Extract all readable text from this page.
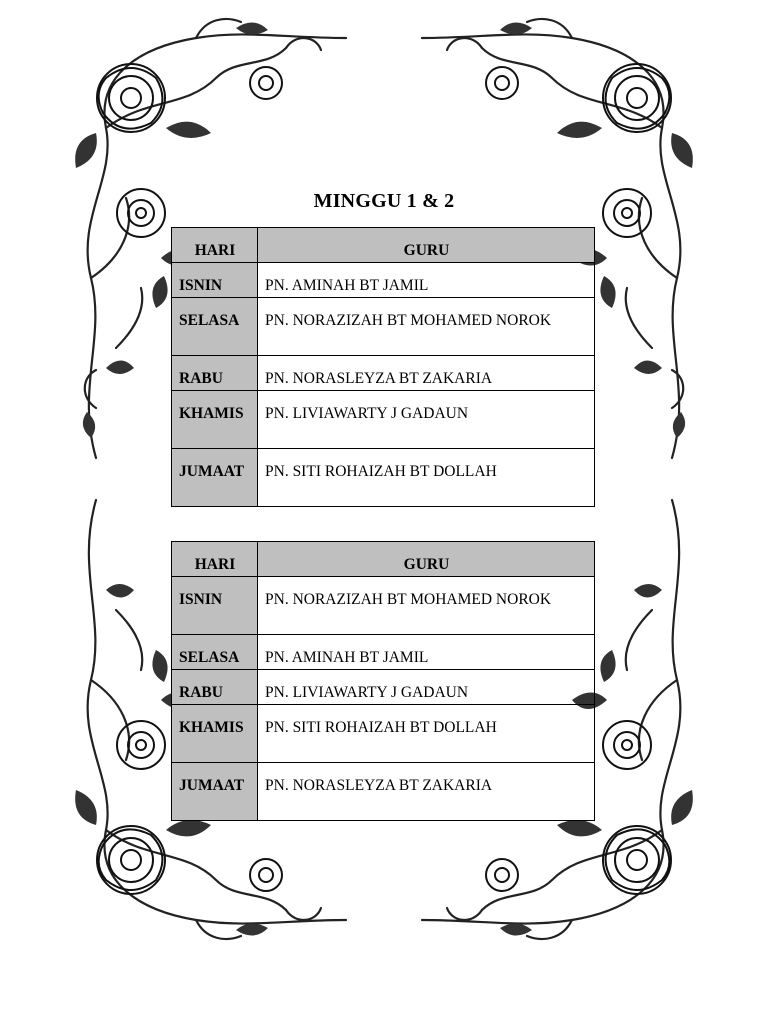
MINGGU 1 & 2
HARI	GURU
ISNIN	PN. AMINAH BT JAMIL
SELASA	PN. NORAZIZAH BT MOHAMED NOROK
RABU	PN. NORASLEYZA BT ZAKARIA
KHAMIS	PN. LIVIAWARTY J GADAUN
JUMAAT	PN. SITI ROHAIZAH BT DOLLAH
HARI	GURU
ISNIN	PN. NORAZIZAH BT MOHAMED NOROK
SELASA	PN. AMINAH BT JAMIL
RABU	PN. LIVIAWARTY J GADAUN
KHAMIS	PN. SITI ROHAIZAH BT DOLLAH
JUMAAT	PN. NORASLEYZA BT ZAKARIA
